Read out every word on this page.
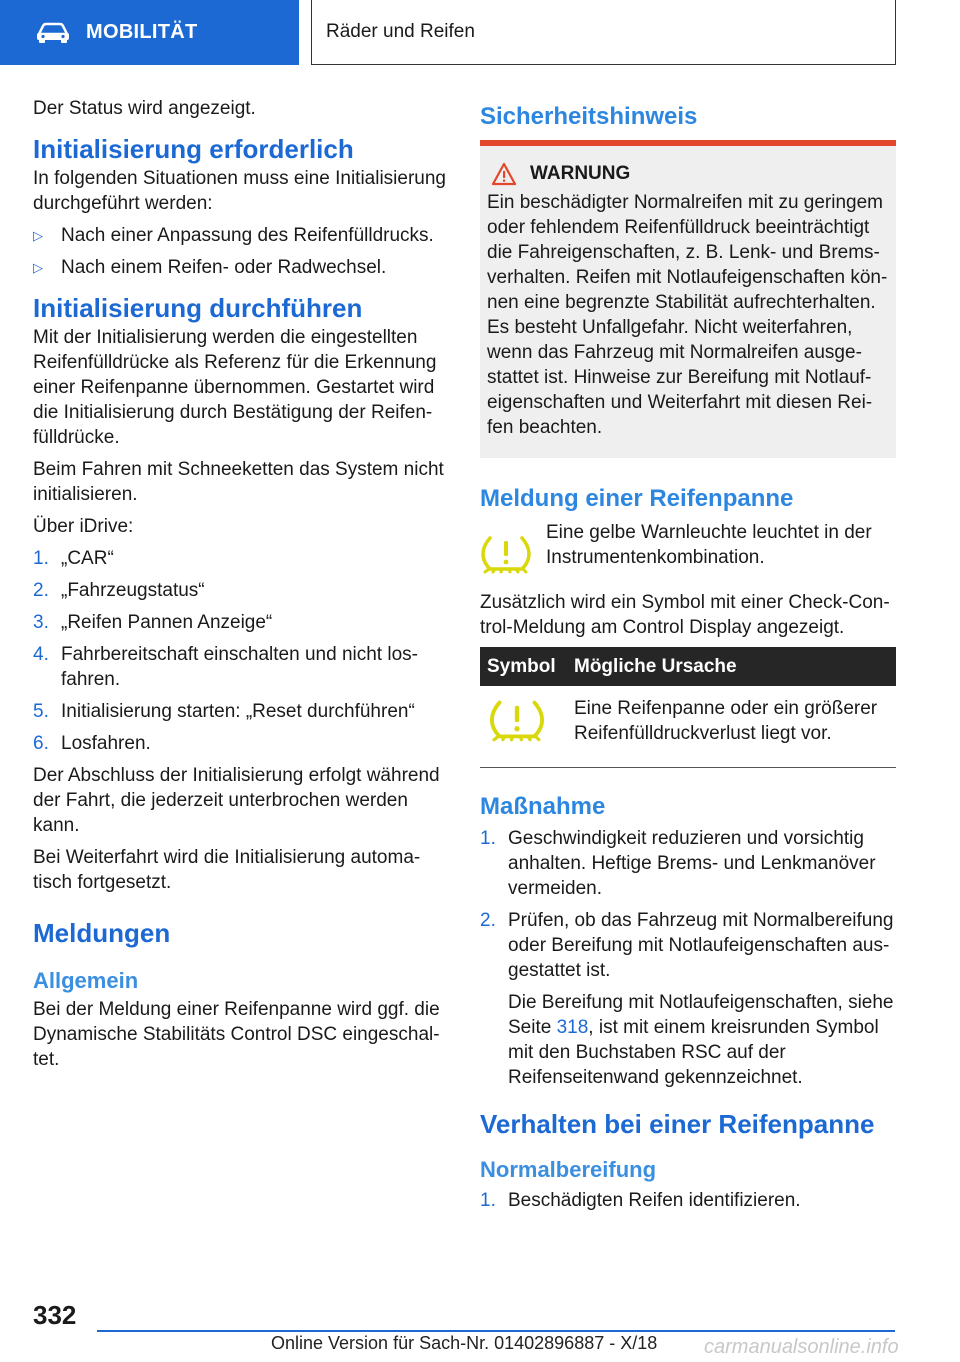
MOBILITÄT	Räder und Reifen

Der Status wird angezeigt.

Initialisierung erforderlich

In folgenden Situationen muss eine Initialisierung durchgeführt werden:

▷ Nach einer Anpassung des Reifenfülldrucks.
▷ Nach einem Reifen- oder Radwechsel.
Initialisierung durchführen

Mit der Initialisierung werden die eingestellten Reifenfülldrücke als Referenz für die Erkennung einer Reifenpanne übernommen. Gestartet wird die Initialisierung durch Bestätigung der Reifen-fülldrücke.

Beim Fahren mit Schneeketten das System nicht initialisieren.

Über iDrive:

1. „CAR“
2. „Fahrzeugstatus“
3. „Reifen Pannen Anzeige“
4. Fahrbereitschaft einschalten und nicht los-fahren.
5. Initialisierung starten: „Reset durchführen“
6. Losfahren.

Der Abschluss der Initialisierung erfolgt während der Fahrt, die jederzeit unterbrochen werden kann.

Bei Weiterfahrt wird die Initialisierung automa-tisch fortgesetzt.

Meldungen
Allgemein

Bei der Meldung einer Reifenpanne wird ggf. die Dynamische Stabilitäts Control DSC eingeschal-tet.

Sicherheitshinweis
WARNUNG

Ein beschädigter Normalreifen mit zu geringem oder fehlendem Reifenfülldruck beeinträchtigt die Fahreigenschaften, z. B. Lenk- und Brems-verhalten. Reifen mit Notlaufeigenschaften kön-nen eine begrenzte Stabilität aufrechterhalten. Es besteht Unfallgefahr. Nicht weiterfahren, wenn das Fahrzeug mit Normalreifen ausge-stattet ist. Hinweise zur Bereifung mit Notlauf-eigenschaften und Weiterfahrt mit diesen Rei-fen beachten.

Meldung einer Reifenpanne

Eine gelbe Warnleuchte leuchtet in der Instrumentenkombination.

Zusätzlich wird ein Symbol mit einer Check-Con-trol-Meldung am Control Display angezeigt.

Symbol	Mögliche Ursache
	Eine Reifenpanne oder ein größerer Reifenfülldruckverlust liegt vor.
Maßnahme
1. Geschwindigkeit reduzieren und vorsichtig anhalten. Heftige Brems- und Lenkmanöver vermeiden.
2. Prüfen, ob das Fahrzeug mit Normalbereifung oder Bereifung mit Notlaufeigenschaften aus-gestattet ist.

Die Bereifung mit Notlaufeigenschaften, siehe Seite 318, ist mit einem kreisrunden Symbol mit den Buchstaben RSC auf der Reifenseitenwand gekennzeichnet.

Verhalten bei einer Reifenpanne
Normalbereifung
1. Beschädigten Reifen identifizieren.
332
Online Version für Sach-Nr. 01402896887 - X/18 carmanualsonline.info
